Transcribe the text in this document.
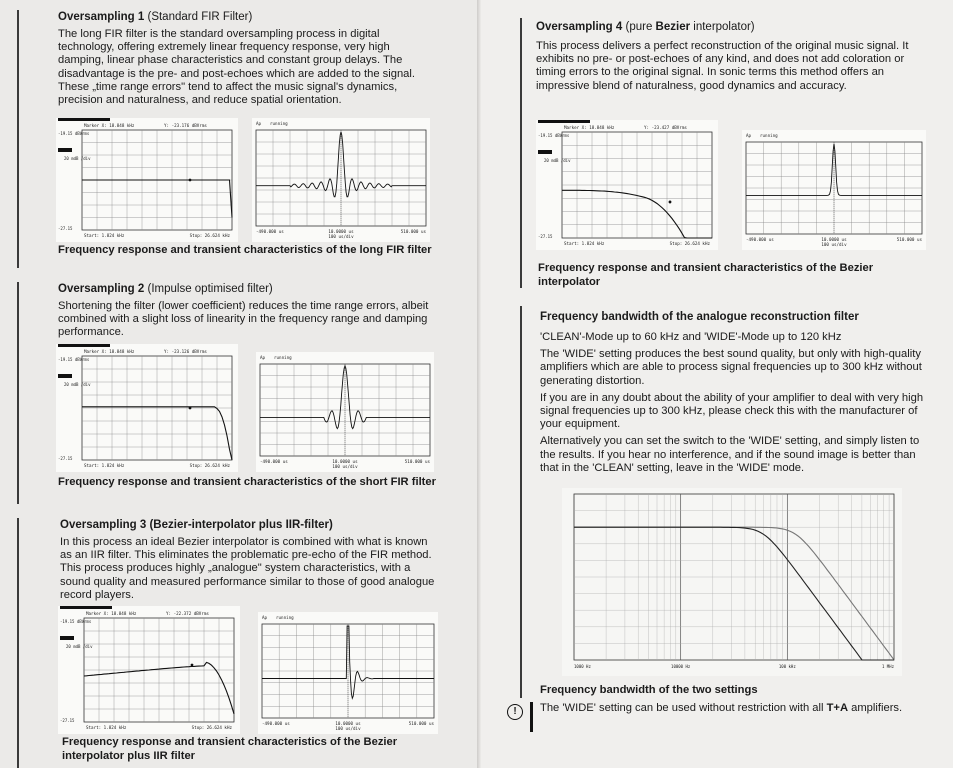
Oversampling 1 (Standard FIR Filter)
The long FIR filter is the standard oversampling process in digital technology, offering extremely linear frequency response, very high damping, linear phase characteristics and constant group delays. The disadvantage is the pre- and post-echoes which are added to the signal. These „time range errors" tend to affect the music signal's dynamics, precision and naturalness, and reduce spatial orientation.
Marker X: 18.848 kHz	Y: -23.176 dBVrms
-19.15 dBVrms
20 mdB /div
-27.15
Start: 1.824 kHz	Stop: 26.624 kHz
Ap running
-490.000 us	10.0000 us
100 us/div
510.000 us
Frequency response and transient characteristics of the long FIR filter
Oversampling 2 (Impulse optimised filter)
Shortening the filter (lower coefficient) reduces the time range errors, albeit combined with a slight loss of linearity in the frequency range and damping performance.
Marker X: 18.848 kHz	Y: -23.126 dBVrms
-19.15 dBVrms
20 mdB /div
-27.15
Start: 1.824 kHz	Stop: 26.624 kHz
Ap running
-490.000 us	10.0000 us
100 us/div
510.000 us
Frequency response and transient characteristics of the short FIR filter
Oversampling 3 (Bezier-interpolator plus IIR-filter)
In this process an ideal Bezier interpolator is combined with what is known as an IIR filter. This eliminates the problematic pre-echo of the FIR method. This process produces highly „analogue" system characteristics, with a sound quality and measured performance similar to those of good analogue record players.
Marker X: 18.848 kHz	Y: -22.372 dBVrms
-19.15 dBVrms
20 mdB /div
-27.15
Start: 1.824 kHz	Stop: 26.624 kHz
Ap running
-490.000 us	10.0000 us
100 us/div
510.000 us
Frequency response and transient characteristics of the Bezier interpolator plus IIR filter
Oversampling 4 (pure Bezier interpolator)
This process delivers a perfect reconstruction of the original music signal. It exhibits no pre- or post-echoes of any kind, and does not add coloration or timing errors to the original signal. In sonic terms this method offers an impressive blend of naturalness, good dynamics and accuracy.
Marker X: 18.848 kHz	Y: -23.427 dBVrms
-19.15 dBVrms
20 mdB /div
-27.15
Start: 1.824 kHz	Stop: 26.624 kHz
Ap running
-490.000 us	10.0000 us
100 us/div
510.000 us
Frequency response and transient characteristics of the Bezier interpolator
Frequency bandwidth of the analogue reconstruction filter
'CLEAN'-Mode up to 60 kHz and 'WIDE'-Mode up to 120 kHz
The 'WIDE' setting produces the best sound quality, but only with high-quality amplifiers which are able to process signal frequencies up to 300 kHz without generating distortion.
If you are in any doubt about the ability of your amplifier to deal with very high signal frequencies up to 300 kHz, please check this with the manufacturer of your equipment.
Alternatively you can set the switch to the 'WIDE' setting, and simply listen to the results. If you hear no interference, and if the sound image is better than that in the 'CLEAN' setting, leave in the 'WIDE' mode.
1000 Hz	10000 Hz	100 kHz	1 MHz
Frequency bandwidth of the two settings
!	The 'WIDE' setting can be used without restriction with all T+A amplifiers.
